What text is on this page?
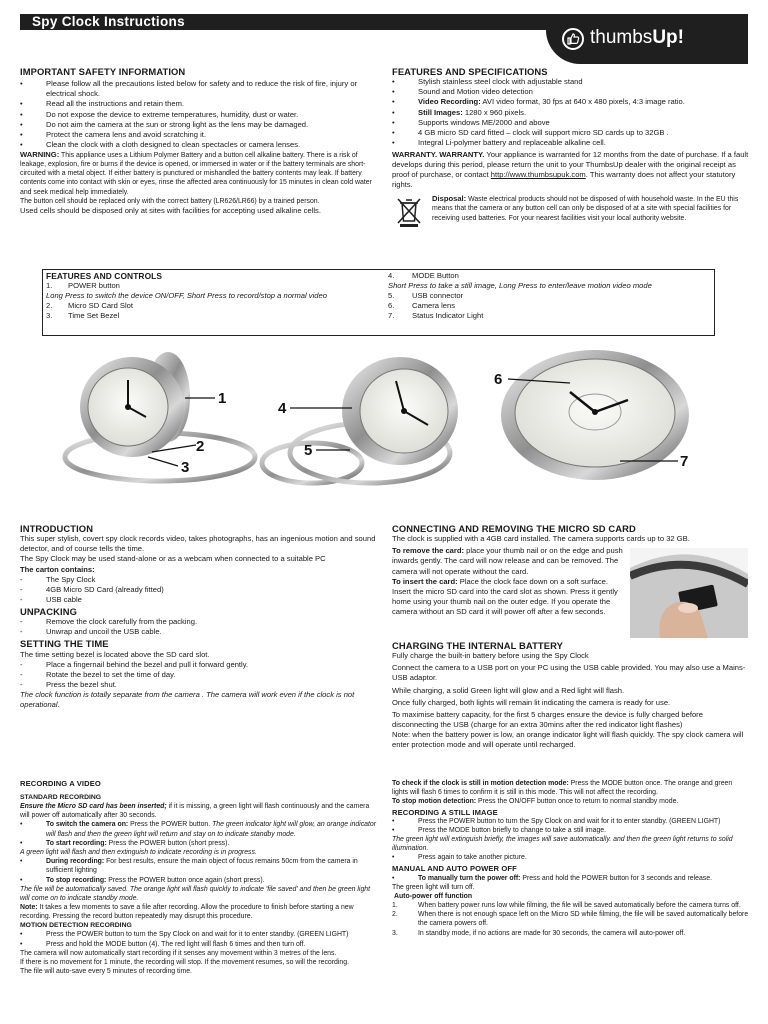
Spy Clock Instructions
thumbsUp!
IMPORTANT SAFETY INFORMATION
•	Please follow all the precautions listed below for safety and to reduce the risk of fire, injury or electrical shock.
•	Read all the instructions and retain them.
•	Do not expose the device to extreme temperatures, humidity, dust or water.
•	Do not aim the camera at the sun or strong light as the lens may be damaged.
•	Protect the camera lens and avoid scratching it.
•	Clean the clock with a cloth designed to clean spectacles or camera lenses.
WARNING: This appliance uses a Lithium Polymer Battery and a button cell alkaline battery. There is a risk of leakage, explosion, fire or burns if the device is opened, or immersed in water or if the battery terminals are short-circuited with a metal object. If either battery is punctured or mishandled the battery contents may leak. If battery contents come into contact with skin or eyes, rinse the affected area continuously for 15 minutes in clean cold water and seek medical help immediately.
The button cell should be replaced only with the correct battery (LR626/LR66) by a trained person.
Used cells should be disposed only at sites with facilities for accepting used alkaline cells.
FEATURES AND SPECIFICATIONS
•	Stylish stainless steel clock with adjustable stand
•	Sound and Motion video detection
•	Video Recording: AVI video format, 30 fps at 640 x 480 pixels, 4:3 image ratio.
•	Still Images: 1280 x 960 pixels.
•	Supports windows ME/2000 and above
•	4 GB micro SD card fitted – clock will support micro SD cards up to 32GB .
•	Integral Li-polymer battery and replaceable alkaline cell.
WARRANTY. WARRANTY. Your appliance is warranted for 12 months from the date of purchase. If a fault develops during this period, please return the unit to your ThumbsUp dealer with the original receipt as proof of purchase, or contact http://www.thumbsupuk.com. This warranty does not affect your statutory rights.
Disposal: Waste electrical products should not be disposed of with household waste. In the EU this means that the camera or any button cell can only be disposed of at a site with special facilities for receiving used batteries. For your nearest facilities visit your local authority website.
FEATURES AND CONTROLS
1.	POWER button
Long Press to switch the device ON/OFF, Short Press to record/stop a normal video
2.	Micro SD Card Slot
3.	Time Set Bezel
4.	MODE Button
Short Press to take a still image, Long Press to enter/leave motion video mode
5.	USB connector
6.	Camera lens
7.	Status Indicator Light
1
2
3
4
5
6
7
INTRODUCTION
This super stylish, covert spy clock records video, takes photographs, has an ingenious motion and sound detector, and of course tells the time.
The Spy Clock may be used stand-alone or as a webcam when connected to a suitable PC
The carton contains:
-	The Spy Clock
-	4GB Micro SD Card (already fitted)
-	USB cable
UNPACKING
-	Remove the clock carefully from the packing.
-	Unwrap and uncoil the USB cable.
SETTING THE TIME
The time setting bezel is located above the SD card slot.
-	Place a fingernail behind the bezel and pull it forward gently.
-	Rotate the bezel to set the time of day.
-	Press the bezel shut.
The clock function is totally separate from the camera . The camera will work even if the clock is not operational.
CONNECTING AND REMOVING THE MICRO SD CARD
The clock is supplied with a 4GB card installed. The camera supports cards up to 32 GB.
To remove the card: place your thumb nail or on the edge and push inwards gently. The card will now release and can be removed. The camera will not operate without the card.
To insert the card: Place the clock face down on a soft surface. Insert the micro SD card into the card slot as shown. Press it gently home using your thumb nail on the outer edge. If you operate the camera without an SD card it will power off after a few seconds.
CHARGING THE INTERNAL BATTERY
Fully charge the built-in battery before using the Spy Clock
Connect the camera to a USB port on your PC using the USB cable provided. You may also use a Mains- USB adaptor.
While charging, a solid Green light will glow and a Red light will flash.
Once fully charged, both lights will remain lit indicating the camera is ready for use.
To maximise battery capacity, for the first 5 charges ensure the device is fully charged before disconnecting the USB (charge for an extra 30mins after the red indicator light flashes)
Note: when the battery power is low, an orange indicator light will flash quickly. The spy clock camera will enter protection mode and will operate until recharged.
RECORDING A VIDEO
STANDARD RECORDING
Ensure the Micro SD card has been inserted; if it is missing, a green light will flash continuously and the camera will power off automatically after 30 seconds.
•	To switch the camera on: Press the POWER button. The green indicator light will glow, an orange indicator will flash and then the green light will return and stay on to indicate standby mode.
•	To start recording: Press the POWER button (short press).
A green light will flash and then extinguish to indicate recording is in progress.
•	During recording: For best results, ensure the main object of focus remains 50cm from the camera in sufficient lighting
•	To stop recording: Press the POWER button once again (short press).
The file will be automatically saved. The orange light will flash quickly to indicate 'file saved' and then be green light will come on to indicate standby mode.
Note: It takes a few moments to save a file after recording. Allow the procedure to finish before starting a new recording. Pressing the record button repeatedly may disrupt this procedure.
MOTION DETECTION RECORDING
•	Press the POWER button to turn the Spy Clock on and wait for it to enter standby. (GREEN LIGHT)
•	Press and hold the MODE button (4). The red light will flash 6 times and then turn off.
The camera will now automatically start recording if it senses any movement within 3 metres of the lens.
If there is no movement for 1 minute, the recording will stop. If the movement resumes, so will the recording.
The file will auto-save every 5 minutes of recording time.
To check if the clock is still in motion detection mode: Press the MODE button once. The orange and green lights will flash 6 times to confirm it is still in this mode. This will not affect the recording.
To stop motion detection: Press the ON/OFF button once to return to normal standby mode.
RECORDING A STILL IMAGE
•	Press the POWER button to turn the Spy Clock on and wait for it to enter standby. (GREEN LIGHT)
•	Press the MODE button briefly to change to take a still image.
The green light will extinguish briefly, the images will save automatically. and then the green light returns to solid illumination.
•	Press again to take another picture.
MANUAL AND AUTO POWER OFF
•	To manually turn the power off: Press and hold the POWER button for 3 seconds and release.
The green light will turn off.
Auto-power off function
1.	When battery power runs low while filming, the file will be saved automatically before the camera turns off.
2.	When there is not enough space left on the Micro SD while filming, the file will be saved automatically before the camera powers off.
3.	In standby mode, if no actions are made for 30 seconds, the camera will auto-power off.
